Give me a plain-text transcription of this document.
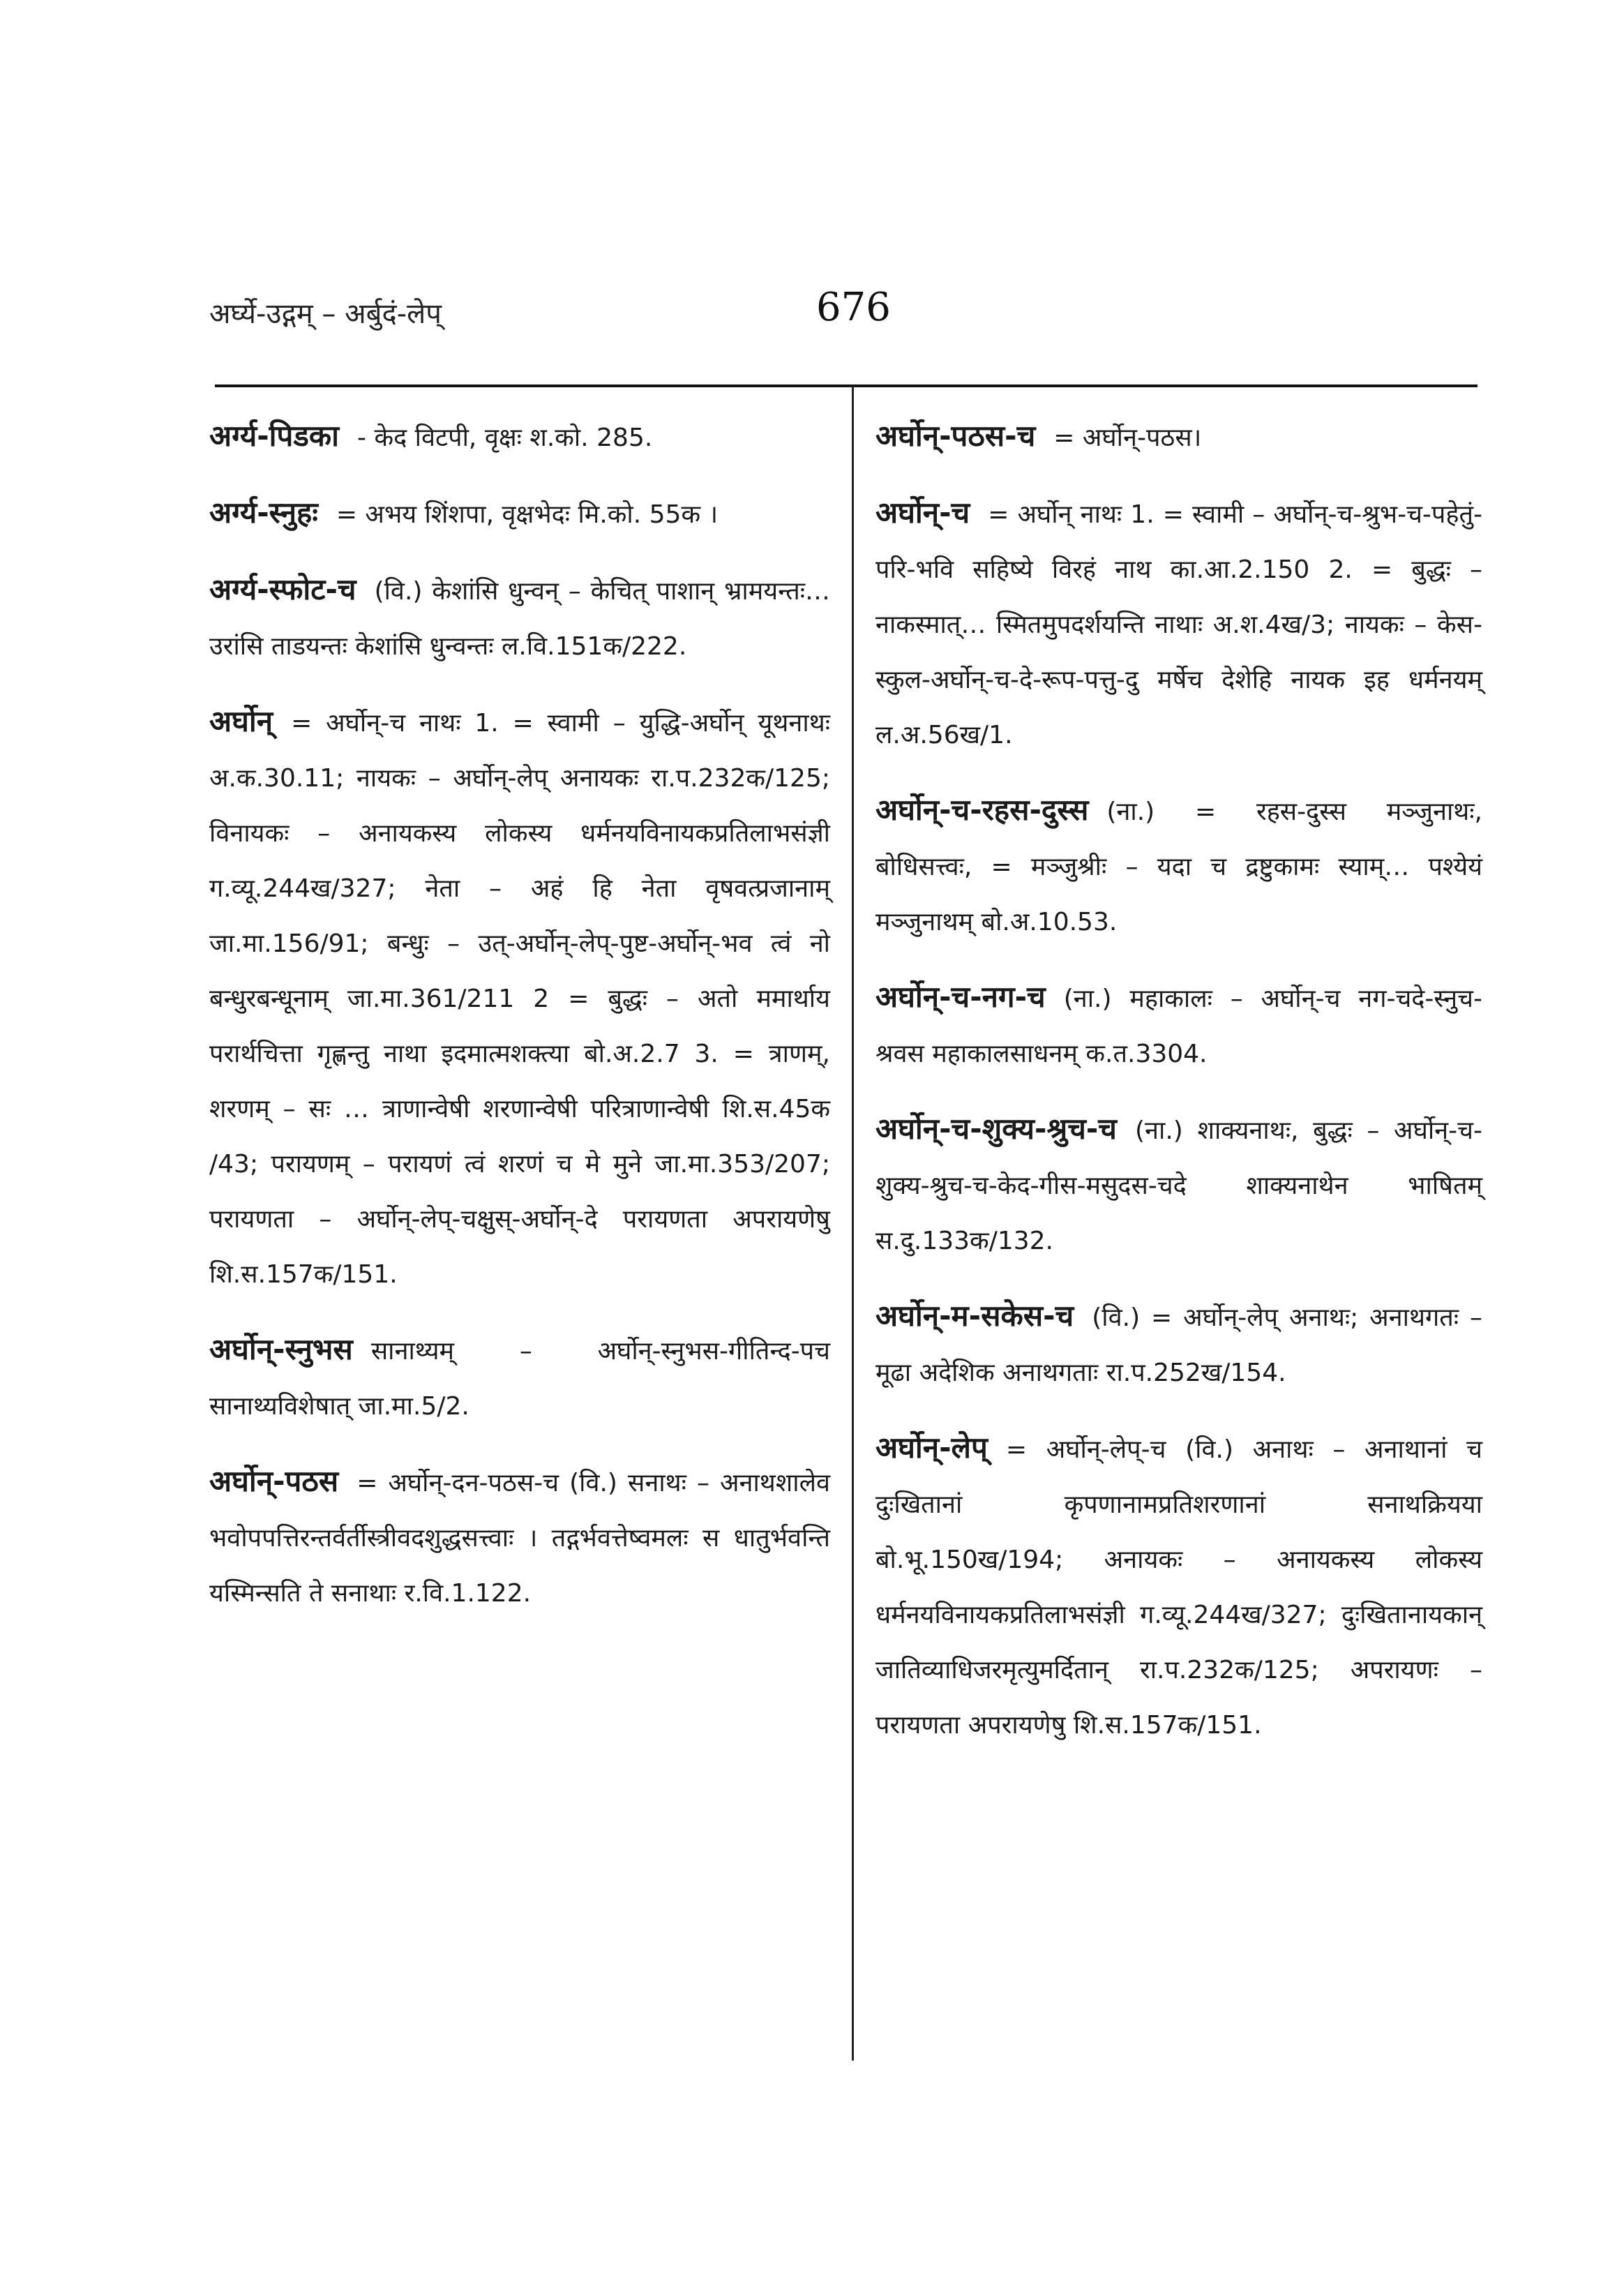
अर्घ्ये-उद्गम् – अर्बुदं-लेप्	676
अर्ग्य-पिडका - केद विटपी, वृक्षः श.को. 285.
अर्ग्य-स्नुहः = अभय शिंशपा, वृक्षभेदः मि.को. 55क ।
अर्ग्य-स्फोट-च (वि.) केशांसि धुन्वन् – केचित् पाशान् भ्रामयन्तः… उरांसि ताडयन्तः केशांसि धुन्वन्तः ल.वि.151क/222.
अर्घोन् = अर्घोन्-च नाथः 1. = स्वामी – युद्धि-अर्घोन् यूथनाथः अ.क.30.11; नायकः – अर्घोन्-लेप् अनायकः रा.प.232क/125; विनायकः – अनायकस्य लोकस्य धर्मनयविनायकप्रतिलाभसंज्ञी ग.व्यू.244ख/327; नेता – अहं हि नेता वृषवत्प्रजानाम् जा.मा.156/91; बन्धुः – उत्-अर्घोन्-लेप्-पुष्ट-अर्घोन्-भव त्वं नो बन्धुरबन्धूनाम् जा.मा.361/211 2 = बुद्धः – अतो ममार्थाय परार्थचित्ता गृह्णन्तु नाथा इदमात्मशक्त्या बो.अ.2.7 3. = त्राणम्, शरणम् – सः … त्राणान्वेषी शरणान्वेषी परित्राणान्वेषी शि.स.45क /43; परायणम् – परायणं त्वं शरणं च मे मुने जा.मा.353/207; परायणता – अर्घोन्-लेप्-चक्षुस्-अर्घोन्-दे परायणता अपरायणेषु शि.स.157क/151.
अर्घोन्-स्नुभस सानाथ्यम् – अर्घोन्-स्नुभस-गीतिन्द-पच सानाथ्यविशेषात् जा.मा.5/2.
अर्घोन्-पठस = अर्घोन्-दन-पठस-च (वि.) सनाथः – अनाथशालेव भवोपपत्तिरन्तर्वर्तीस्त्रीवदशुद्धसत्त्वाः । तद्गर्भवत्तेष्वमलः स धातुर्भवन्ति यस्मिन्सति ते सनाथाः र.वि.1.122.
अर्घोन्-पठस-च = अर्घोन्-पठस।
अर्घोन्-च = अर्घोन् नाथः 1. = स्वामी – अर्घोन्-च-श्रुभ-च-पहेतुं-परि-भवि सहिष्ये विरहं नाथ का.आ.2.150 2. = बुद्धः – नाकस्मात्… स्मितमुपदर्शयन्ति नाथाः अ.श.4ख/3; नायकः – केस-स्कुल-अर्घोन्-च-दे-रूप-पत्तु-दु मर्षेच देशेहि नायक इह धर्मनयम् ल.अ.56ख/1.
अर्घोन्-च-रहस-दुस्स (ना.) = रहस-दुस्स मञ्जुनाथः, बोधिसत्त्वः, = मञ्जुश्रीः – यदा च द्रष्टुकामः स्याम्… पश्येयं मञ्जुनाथम् बो.अ.10.53.
अर्घोन्-च-नग-च (ना.) महाकालः – अर्घोन्-च नग-चदे-स्नुच-श्रवस महाकालसाधनम् क.त.3304.
अर्घोन्-च-शुक्य-श्रुच-च (ना.) शाक्यनाथः, बुद्धः – अर्घोन्-च-शुक्य-श्रुच-च-केद-गीस-मसुदस-चदे शाक्यनाथेन भाषितम् स.दु.133क/132.
अर्घोन्-म-सकेस-च (वि.) = अर्घोन्-लेप् अनाथः; अनाथगतः – मूढा अदेशिक अनाथगताः रा.प.252ख/154.
अर्घोन्-लेप् = अर्घोन्-लेप्-च (वि.) अनाथः – अनाथानां च दुःखितानां कृपणानामप्रतिशरणानां सनाथक्रियया बो.भू.150ख/194; अनायकः – अनायकस्य लोकस्य धर्मनयविनायकप्रतिलाभसंज्ञी ग.व्यू.244ख/327; दुःखितानायकान् जातिव्याधिजरमृत्युमर्दितान् रा.प.232क/125; अपरायणः – परायणता अपरायणेषु शि.स.157क/151.
